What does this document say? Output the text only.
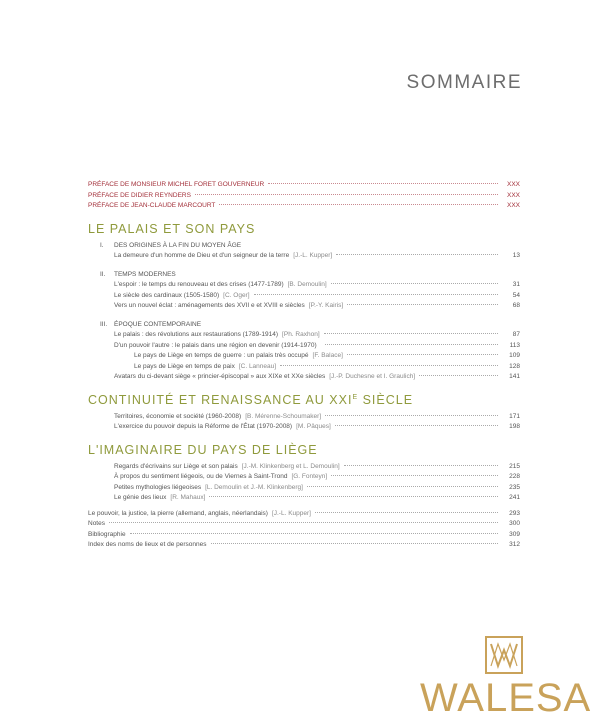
SOMMAIRE
PRÉFACE DE MONSIEUR MICHEL FORET GOUVERNEUR	XXX
PRÉFACE DE DIDIER REYNDERS	XXX
PRÉFACE DE JEAN-CLAUDE MARCOURT	XXX
LE PALAIS ET SON PAYS
I.	DES ORIGINES À LA FIN DU MOYEN ÂGE
La demeure d'un homme de Dieu et d'un seigneur de la terre [J.-L. Kupper]	13
II.	TEMPS MODERNES
L'espoir : le temps du renouveau et des crises (1477-1789) [B. Demoulin]	31
Le siècle des cardinaux (1505-1580) [C. Oger]	54
Vers un nouvel éclat : aménagements des XVII e et XVIII e siècles [P.-Y. Kairis]	68
III.	ÉPOQUE CONTEMPORAINE
Le palais : des révolutions aux restaurations (1789-1914) [Ph. Raxhon]	87
D'un pouvoir l'autre : le palais dans une région en devenir (1914-1970)	113
Le pays de Liège en temps de guerre : un palais très occupé [F. Balace]	109
Le pays de Liège en temps de paix [C. Lanneau]	128
Avatars du ci-devant siège « princier-épiscopal » aux XIXe et XXe siècles [J.-P. Duchesne et I. Graulich]	141
CONTINUITÉ ET RENAISSANCE AU $XXI^E$ SIÈCLE
Territoires, économie et société (1960-2008) [B. Mérenne-Schoumaker]	171
L'exercice du pouvoir depuis la Réforme de l'État (1970-2008) [M. Pâques]	198
L'IMAGINAIRE DU PAYS DE LIÈGE
Regards d'écrivains sur Liège et son palais [J.-M. Klinkenberg et L. Demoulin]	215
À propos du sentiment liégeois, ou de Viernes à Saint-Trond [G. Fonteyn]	228
Petites mythologies liégeoises [L. Demoulin et J.-M. Klinkenberg]	235
Le génie des lieux [R. Mahaux]	241
Le pouvoir, la justice, la pierre (allemand, anglais, néerlandais) [J.-L. Kupper]	293
Notes	300
Bibliographie	309
Index des noms de lieux et de personnes	312
WALESA
